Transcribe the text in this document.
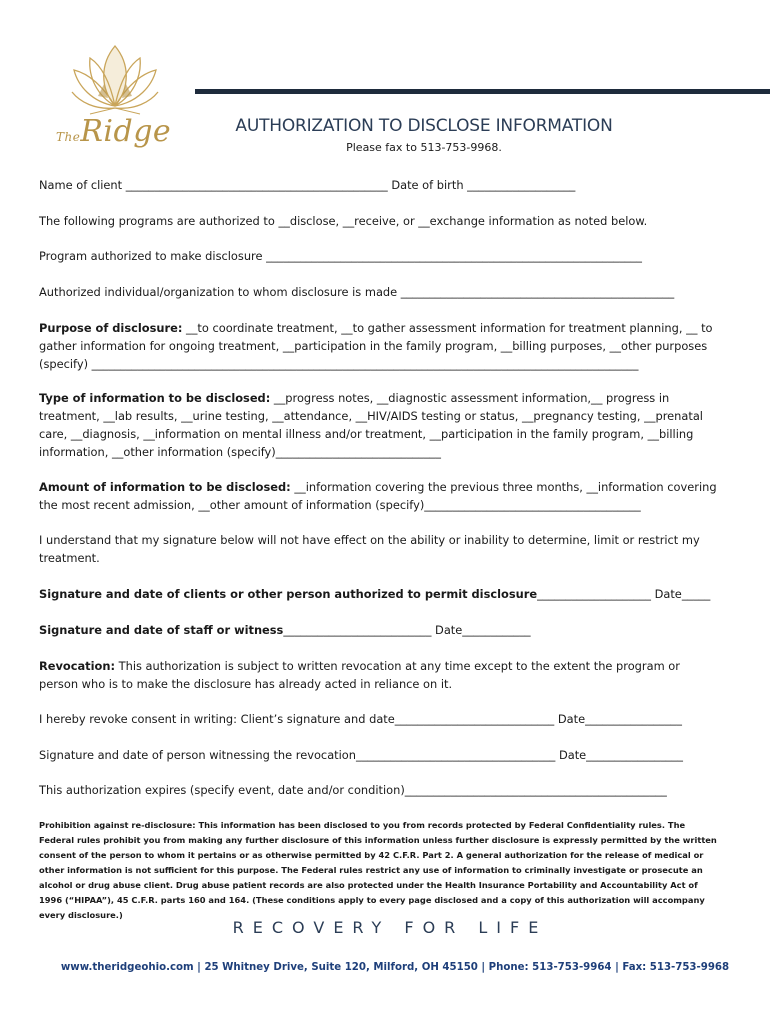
TheRidge	AUTHORIZATION TO DISCLOSE INFORMATION
Please fax to 513-753-9968.
Name of client ______________________________________________ Date of birth ___________________
The following programs are authorized to __disclose, __receive, or __exchange information as noted below.
Program authorized to make disclosure __________________________________________________________________
Authorized individual/organization to whom disclosure is made ________________________________________________
Purpose of disclosure: __to coordinate treatment, __to gather assessment information for treatment planning, __ to gather information for ongoing treatment, __participation in the family program, __billing purposes, __other purposes (specify) ________________________________________________________________________________________________
Type of information to be disclosed: __progress notes, __diagnostic assessment information,__ progress in treatment, __lab results, __urine testing, __attendance, __HIV/AIDS testing or status, __pregnancy testing, __prenatal care, __diagnosis, __information on mental illness and/or treatment, __participation in the family program, __billing information, __other information (specify)_____________________________
Amount of information to be disclosed: __information covering the previous three months, __information covering the most recent admission, __other amount of information (specify)______________________________________
I understand that my signature below will not have effect on the ability or inability to determine, limit or restrict my treatment.
Signature and date of clients or other person authorized to permit disclosure____________________ Date_____
Signature and date of staff or witness__________________________ Date____________
Revocation: This authorization is subject to written revocation at any time except to the extent the program or person who is to make the disclosure has already acted in reliance on it.
I hereby revoke consent in writing: Client’s signature and date____________________________ Date_________________
Signature and date of person witnessing the revocation___________________________________ Date_________________
This authorization expires (specify event, date and/or condition)______________________________________________
Prohibition against re-disclosure: This information has been disclosed to you from records protected by Federal Confidentiality rules. The Federal rules prohibit you from making any further disclosure of this information unless further disclosure is expressly permitted by the written consent of the person to whom it pertains or as otherwise permitted by 42 C.F.R. Part 2. A general authorization for the release of medical or other information is not sufficient for this purpose. The Federal rules restrict any use of information to criminally investigate or prosecute an alcohol or drug abuse client. Drug abuse patient records are also protected under the Health Insurance Portability and Accountability Act of 1996 (“HIPAA”), 45 C.F.R. parts 160 and 164. (These conditions apply to every page disclosed and a copy of this authorization will accompany every disclosure.)
RECOVERY FOR LIFE
www.theridgeohio.com | 25 Whitney Drive, Suite 120, Milford, OH 45150 | Phone: 513-753-9964 | Fax: 513-753-9968
